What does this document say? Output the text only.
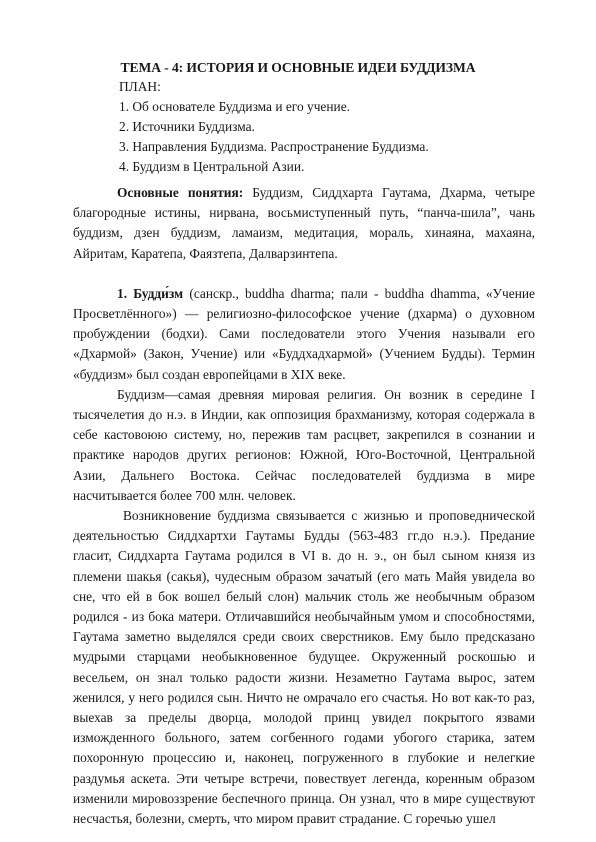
ТЕМА - 4: ИСТОРИЯ И ОСНОВНЫЕ ИДЕИ БУДДИЗМА
ПЛАН:
1. Об основателе Буддизма и его учение.
2. Источники Буддизма.
3. Направления Буддизма. Распространение Буддизма.
4. Буддизм в Центральной Азии.

Основные понятия: Буддизм, Сиддхарта Гаутама, Дхарма, четыре благородные истины, нирвана, восьмиступенный путь, “панча-шила”, чань буддизм, дзен буддизм, ламаизм, медитация, мораль, хинаяна, махаяна, Айритам, Каратепа, Фаязтепа, Далварзинтепа.

1. Будди́зм (санскр., buddha dharma; пали - buddha dhamma, «Учение Просветлённого») — религиозно-философское учение (дхарма) о духовном пробуждении (бодхи). Сами последователи этого Учения называли его «Дхармой» (Закон, Учение) или «Буддхадхармой» (Учением Будды). Термин «буддизм» был создан европейцами в XIX веке.

Буддизм—самая древняя мировая религия. Он возник в середине I тысячелетия до н.э. в Индии, как оппозиция брахманизму, которая содержала в себе кастовоюю систему, но, пережив там расцвет, закрепился в сознании и практике народов других регионов: Южной, Юго-Восточной, Центральной Азии, Дальнего Востока. Сейчас последователей буддизма в мире насчитывается более 700 млн. человек.

Возникновение буддизма связывается с жизнью и проповеднической деятельностью Сиддхартхи Гаутамы Будды (563-483 гг.до н.э.). Предание гласит, Сиддхарта Гаутама родился в VI в. до н. э., он был сыном князя из племени шакья (сакья), чудесным образом зачатый (его мать Майя увидела во сне, что ей в бок вошел белый слон) мальчик столь же необычным образом родился - из бока матери. Отличавшийся необычайным умом и способностями, Гаутама заметно выделялся среди своих сверстников. Ему было предсказано мудрыми старцами необыкновенное будущее. Окруженный роскошью и весельем, он знал только радости жизни. Незаметно Гаутама вырос, затем женился, у него родился сын. Ничто не омрачало его счастья. Но вот как-то раз, выехав за пределы дворца, молодой принц увидел покрытого язвами изможденного больного, затем согбенного годами убогого старика, затем похоронную процессию и, наконец, погруженного в глубокие и нелегкие раздумья аскета. Эти четыре встречи, повествует легенда, коренным образом изменили мировоззрение беспечного принца. Он узнал, что в мире существуют несчастья, болезни, смерть, что миром правит страдание. С горечью ушел
